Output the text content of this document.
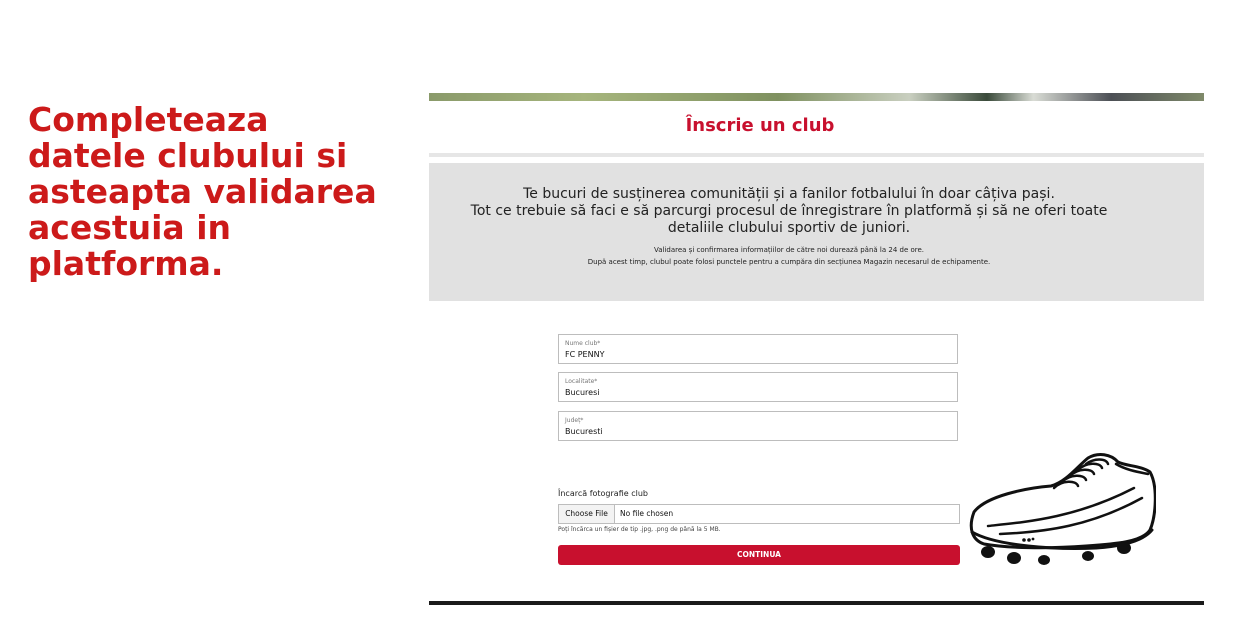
Completeaza datele clubului si asteapta validarea acestuia in platforma.
Înscrie un club

Te bucuri de susținerea comunității și a fanilor fotbalului în doar câțiva pași.

Tot ce trebuie să faci e să parcurgi procesul de înregistrare în platformă și să ne oferi toate detaliile clubului sportiv de juniori.

Validarea și confirmarea informațiilor de către noi durează până la 24 de ore.

După acest timp, clubul poate folosi punctele pentru a cumpăra din secțiunea Magazin necesarul de echipamente.

Nume club*
FC PENNY
Localitate*
Bucuresi
Județ*
Bucuresti
Încarcă fotografie club
Choose File	No file chosen
Poți încărca un fișier de tip .jpg, .png de până la 5 MB.
CONTINUA
